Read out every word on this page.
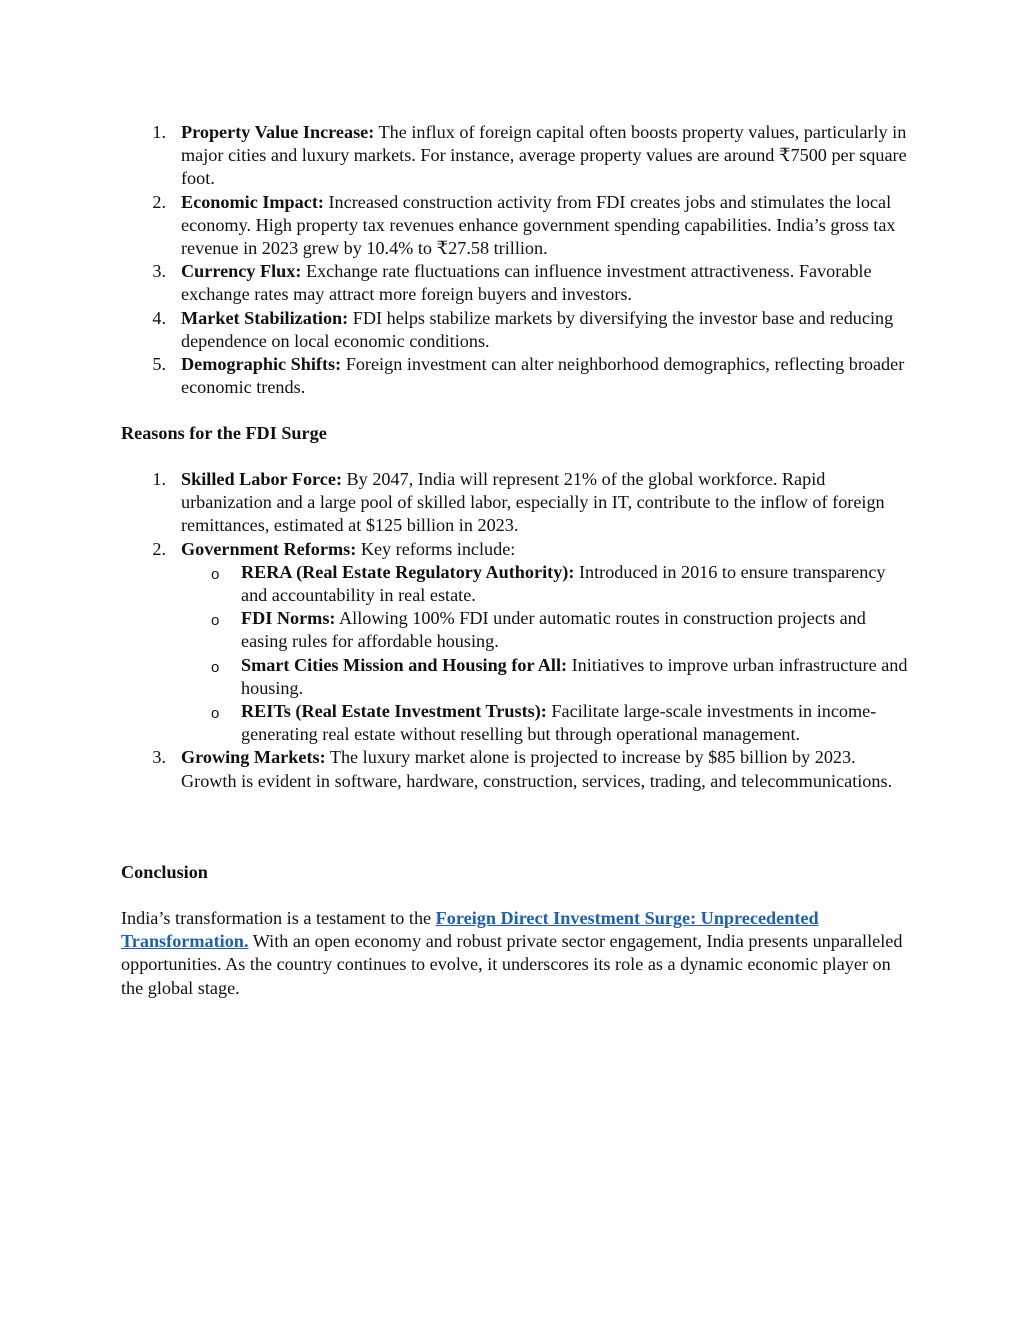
1. Property Value Increase: The influx of foreign capital often boosts property values, particularly in major cities and luxury markets. For instance, average property values are around ₹7500 per square foot.
2. Economic Impact: Increased construction activity from FDI creates jobs and stimulates the local economy. High property tax revenues enhance government spending capabilities. India’s gross tax revenue in 2023 grew by 10.4% to ₹27.58 trillion.
3. Currency Flux: Exchange rate fluctuations can influence investment attractiveness. Favorable exchange rates may attract more foreign buyers and investors.
4. Market Stabilization: FDI helps stabilize markets by diversifying the investor base and reducing dependence on local economic conditions.
5. Demographic Shifts: Foreign investment can alter neighborhood demographics, reflecting broader economic trends.

Reasons for the FDI Surge

1. Skilled Labor Force: By 2047, India will represent 21% of the global workforce. Rapid urbanization and a large pool of skilled labor, especially in IT, contribute to the inflow of foreign remittances, estimated at $125 billion in 2023.
2. Government Reforms: Key reforms include:
o RERA (Real Estate Regulatory Authority): Introduced in 2016 to ensure transparency and accountability in real estate.
o FDI Norms: Allowing 100% FDI under automatic routes in construction projects and easing rules for affordable housing.
o Smart Cities Mission and Housing for All: Initiatives to improve urban infrastructure and housing.
o REITs (Real Estate Investment Trusts): Facilitate large-scale investments in income-generating real estate without reselling but through operational management.
3. Growing Markets: The luxury market alone is projected to increase by $85 billion by 2023. Growth is evident in software, hardware, construction, services, trading, and telecommunications.

Conclusion

India’s transformation is a testament to the Foreign Direct Investment Surge: Unprecedented Transformation. With an open economy and robust private sector engagement, India presents unparalleled opportunities. As the country continues to evolve, it underscores its role as a dynamic economic player on the global stage.
